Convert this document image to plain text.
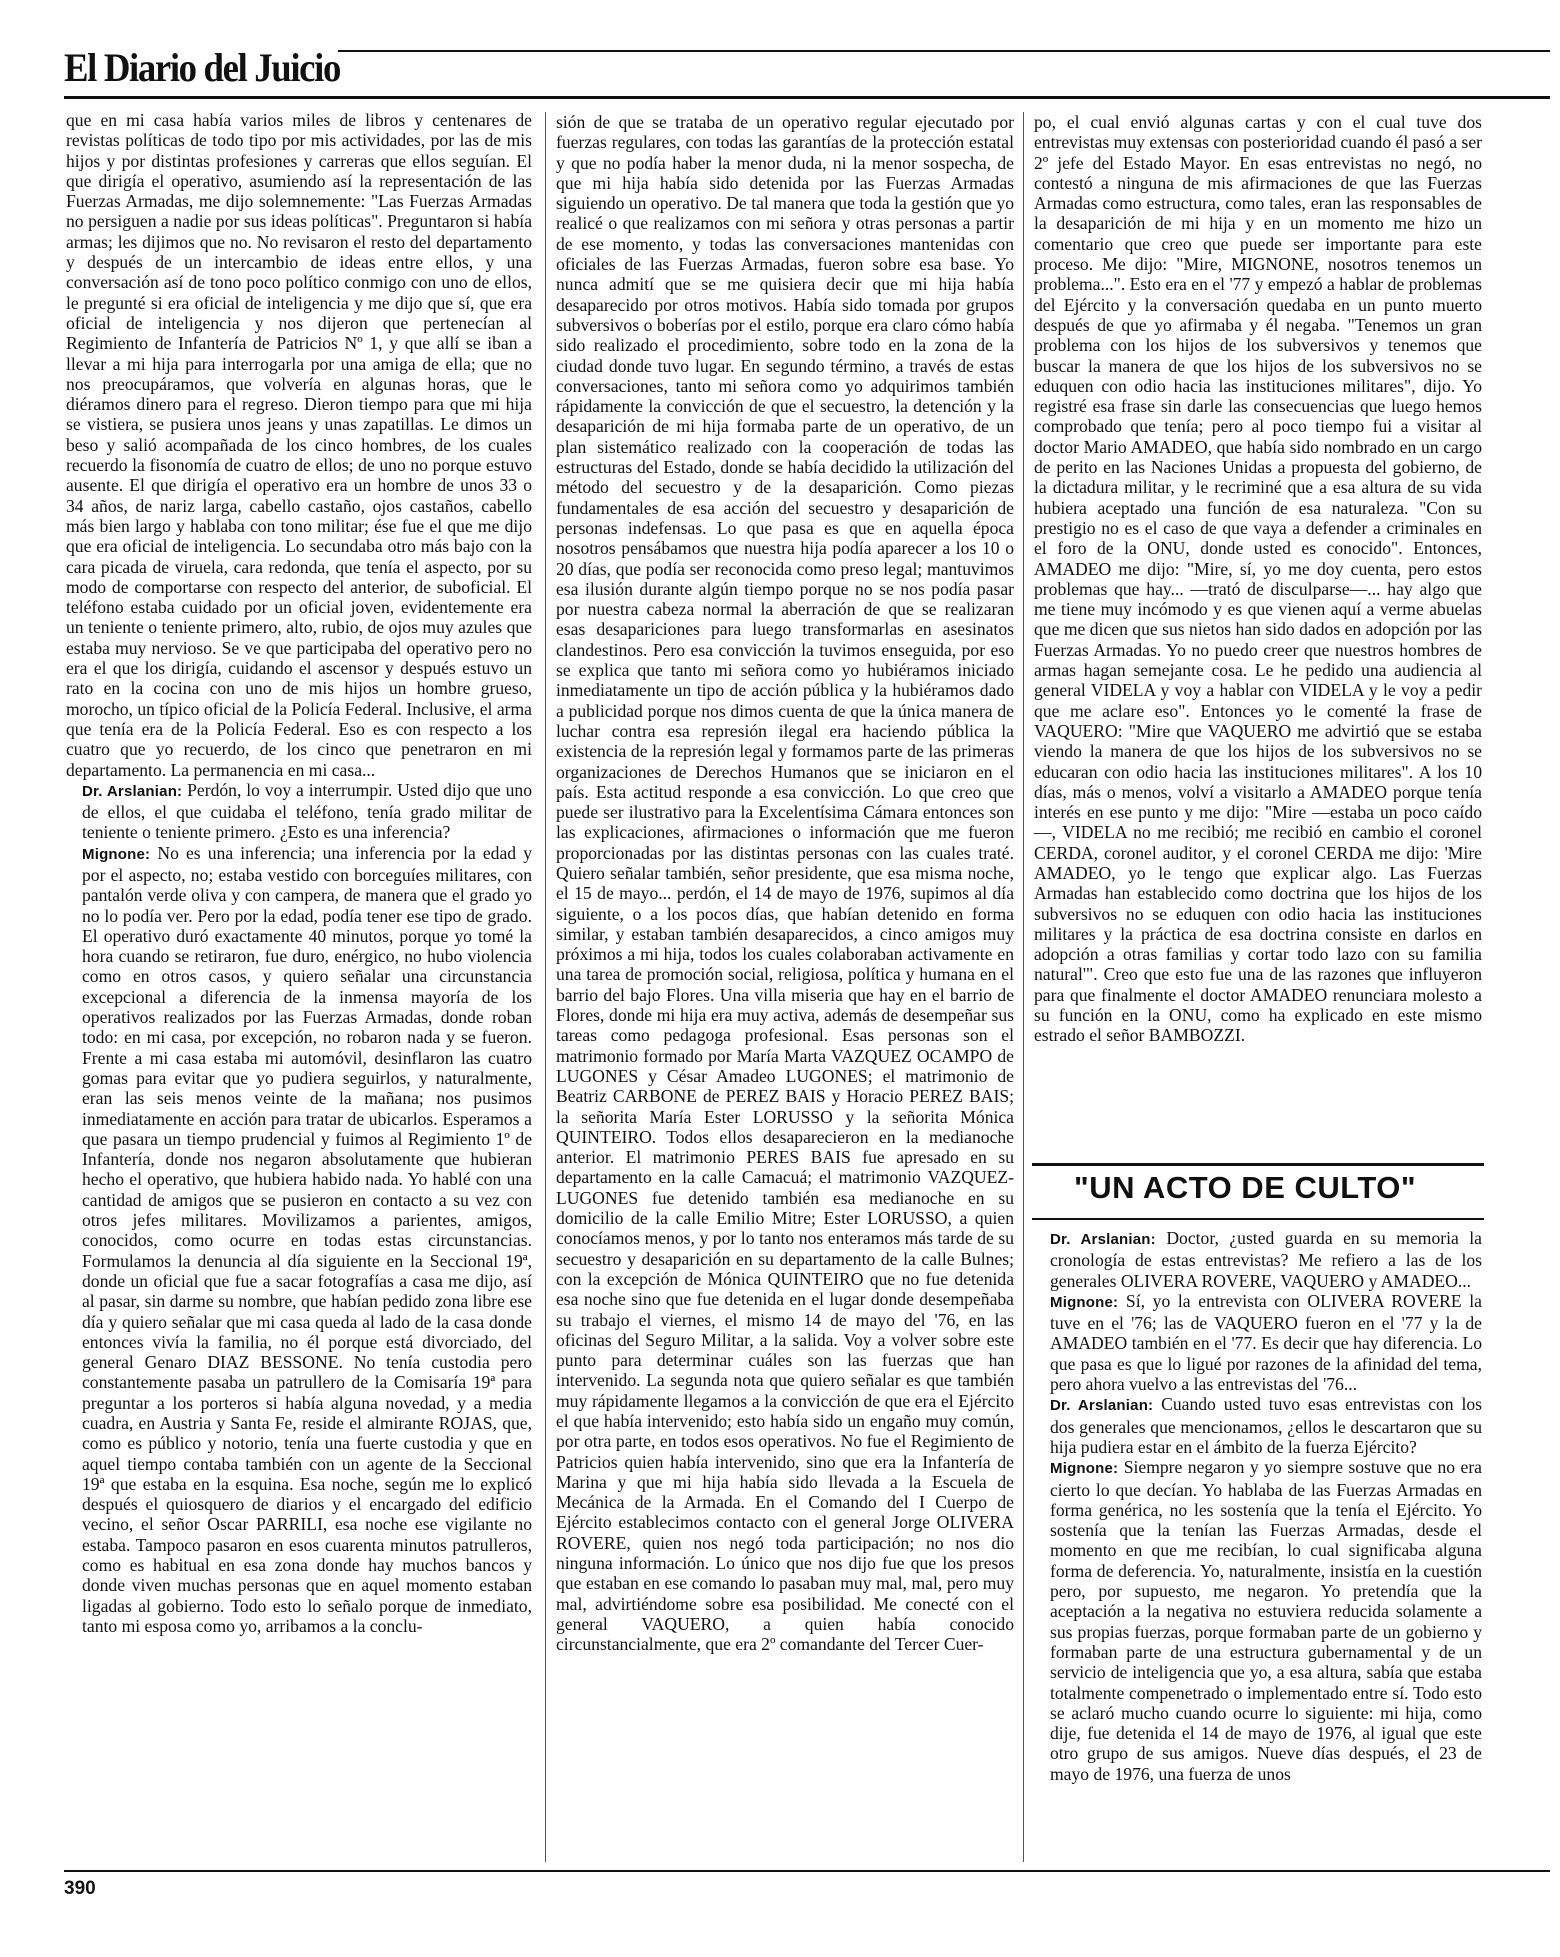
El Diario del Juicio

que en mi casa había varios miles de libros y centenares de revistas políticas de todo tipo por mis actividades, por las de mis hijos y por distintas profesiones y carreras que ellos seguían. El que dirigía el operativo, asumiendo así la representación de las Fuerzas Armadas, me dijo solemnemente: "Las Fuerzas Armadas no persiguen a nadie por sus ideas políticas". Preguntaron si había armas; les dijimos que no. No revisaron el resto del departamento y después de un intercambio de ideas entre ellos, y una conversación así de tono poco político conmigo con uno de ellos, le pregunté si era oficial de inteligencia y me dijo que sí, que era oficial de inteligencia y nos dijeron que pertenecían al Regimiento de Infantería de Patricios Nº 1, y que allí se iban a llevar a mi hija para interrogarla por una amiga de ella; que no nos preocupáramos, que volvería en algunas horas, que le diéramos dinero para el regreso. Dieron tiempo para que mi hija se vistiera, se pusiera unos jeans y unas zapatillas. Le dimos un beso y salió acompañada de los cinco hombres, de los cuales recuerdo la fisonomía de cuatro de ellos; de uno no porque estuvo ausente. El que dirigía el operativo era un hombre de unos 33 o 34 años, de nariz larga, cabello castaño, ojos castaños, cabello más bien largo y hablaba con tono militar; ése fue el que me dijo que era oficial de inteligencia. Lo secundaba otro más bajo con la cara picada de viruela, cara redonda, que tenía el aspecto, por su modo de comportarse con respecto del anterior, de suboficial. El teléfono estaba cuidado por un oficial joven, evidentemente era un teniente o teniente primero, alto, rubio, de ojos muy azules que estaba muy nervioso. Se ve que participaba del operativo pero no era el que los dirigía, cuidando el ascensor y después estuvo un rato en la cocina con uno de mis hijos un hombre grueso, morocho, un típico oficial de la Policía Federal. Inclusive, el arma que tenía era de la Policía Federal. Eso es con respecto a los cuatro que yo recuerdo, de los cinco que penetraron en mi departamento. La permanencia en mi casa...

Dr. Arslanian: Perdón, lo voy a interrumpir. Usted dijo que uno de ellos, el que cuidaba el teléfono, tenía grado militar de teniente o teniente primero. ¿Esto es una inferencia?

Mignone: No es una inferencia; una inferencia por la edad y por el aspecto, no; estaba vestido con borceguíes militares, con pantalón verde oliva y con campera, de manera que el grado yo no lo podía ver. Pero por la edad, podía tener ese tipo de grado. El operativo duró exactamente 40 minutos, porque yo tomé la hora cuando se retiraron, fue duro, enérgico, no hubo violencia como en otros casos, y quiero señalar una circunstancia excepcional a diferencia de la inmensa mayoría de los operativos realizados por las Fuerzas Armadas, donde roban todo: en mi casa, por excepción, no robaron nada y se fueron. Frente a mi casa estaba mi automóvil, desinflaron las cuatro gomas para evitar que yo pudiera seguirlos, y naturalmente, eran las seis menos veinte de la mañana; nos pusimos inmediatamente en acción para tratar de ubicarlos. Esperamos a que pasara un tiempo prudencial y fuimos al Regimiento 1º de Infantería, donde nos negaron absolutamente que hubieran hecho el operativo, que hubiera habido nada. Yo hablé con una cantidad de amigos que se pusieron en contacto a su vez con otros jefes militares. Movilizamos a parientes, amigos, conocidos, como ocurre en todas estas circunstancias. Formulamos la denuncia al día siguiente en la Seccional 19ª, donde un oficial que fue a sacar fotografías a casa me dijo, así al pasar, sin darme su nombre, que habían pedido zona libre ese día y quiero señalar que mi casa queda al lado de la casa donde entonces vivía la familia, no él porque está divorciado, del general Genaro DIAZ BESSONE. No tenía custodia pero constantemente pasaba un patrullero de la Comisaría 19ª para preguntar a los porteros si había alguna novedad, y a media cuadra, en Austria y Santa Fe, reside el almirante ROJAS, que, como es público y notorio, tenía una fuerte custodia y que en aquel tiempo contaba también con un agente de la Seccional 19ª que estaba en la esquina. Esa noche, según me lo explicó después el quiosquero de diarios y el encargado del edificio vecino, el señor Oscar PARRILI, esa noche ese vigilante no estaba. Tampoco pasaron en esos cuarenta minutos patrulleros, como es habitual en esa zona donde hay muchos bancos y donde viven muchas personas que en aquel momento estaban ligadas al gobierno. Todo esto lo señalo porque de inmediato, tanto mi esposa como yo, arribamos a la conclu-

sión de que se trataba de un operativo regular ejecutado por fuerzas regulares, con todas las garantías de la protección estatal y que no podía haber la menor duda, ni la menor sospecha, de que mi hija había sido detenida por las Fuerzas Armadas siguiendo un operativo. De tal manera que toda la gestión que yo realicé o que realizamos con mi señora y otras personas a partir de ese momento, y todas las conversaciones mantenidas con oficiales de las Fuerzas Armadas, fueron sobre esa base. Yo nunca admití que se me quisiera decir que mi hija había desaparecido por otros motivos. Había sido tomada por grupos subversivos o boberías por el estilo, porque era claro cómo había sido realizado el procedimiento, sobre todo en la zona de la ciudad donde tuvo lugar. En segundo término, a través de estas conversaciones, tanto mi señora como yo adquirimos también rápidamente la convicción de que el secuestro, la detención y la desaparición de mi hija formaba parte de un operativo, de un plan sistemático realizado con la cooperación de todas las estructuras del Estado, donde se había decidido la utilización del método del secuestro y de la desaparición. Como piezas fundamentales de esa acción del secuestro y desaparición de personas indefensas. Lo que pasa es que en aquella época nosotros pensábamos que nuestra hija podía aparecer a los 10 o 20 días, que podía ser reconocida como preso legal; mantuvimos esa ilusión durante algún tiempo porque no se nos podía pasar por nuestra cabeza normal la aberración de que se realizaran esas desapariciones para luego transformarlas en asesinatos clandestinos. Pero esa convicción la tuvimos enseguida, por eso se explica que tanto mi señora como yo hubiéramos iniciado inmediatamente un tipo de acción pública y la hubiéramos dado a publicidad porque nos dimos cuenta de que la única manera de luchar contra esa represión ilegal era haciendo pública la existencia de la represión legal y formamos parte de las primeras organizaciones de Derechos Humanos que se iniciaron en el país. Esta actitud responde a esa convicción. Lo que creo que puede ser ilustrativo para la Excelentísima Cámara entonces son las explicaciones, afirmaciones o información que me fueron proporcionadas por las distintas personas con las cuales traté. Quiero señalar también, señor presidente, que esa misma noche, el 15 de mayo... perdón, el 14 de mayo de 1976, supimos al día siguiente, o a los pocos días, que habían detenido en forma similar, y estaban también desaparecidos, a cinco amigos muy próximos a mi hija, todos los cuales colaboraban activamente en una tarea de promoción social, religiosa, política y humana en el barrio del bajo Flores. Una villa miseria que hay en el barrio de Flores, donde mi hija era muy activa, además de desempeñar sus tareas como pedagoga profesional. Esas personas son el matrimonio formado por María Marta VAZQUEZ OCAMPO de LUGONES y César Amadeo LUGONES; el matrimonio de Beatriz CARBONE de PEREZ BAIS y Horacio PEREZ BAIS; la señorita María Ester LORUSSO y la señorita Mónica QUINTEIRO. Todos ellos desaparecieron en la medianoche anterior. El matrimonio PERES BAIS fue apresado en su departamento en la calle Camacuá; el matrimonio VAZQUEZ-LUGONES fue detenido también esa medianoche en su domicilio de la calle Emilio Mitre; Ester LORUSSO, a quien conocíamos menos, y por lo tanto nos enteramos más tarde de su secuestro y desaparición en su departamento de la calle Bulnes; con la excepción de Mónica QUINTEIRO que no fue detenida esa noche sino que fue detenida en el lugar donde desempeñaba su trabajo el viernes, el mismo 14 de mayo del '76, en las oficinas del Seguro Militar, a la salida. Voy a volver sobre este punto para determinar cuáles son las fuerzas que han intervenido. La segunda nota que quiero señalar es que también muy rápidamente llegamos a la convicción de que era el Ejército el que había intervenido; esto había sido un engaño muy común, por otra parte, en todos esos operativos. No fue el Regimiento de Patricios quien había intervenido, sino que era la Infantería de Marina y que mi hija había sido llevada a la Escuela de Mecánica de la Armada. En el Comando del I Cuerpo de Ejército establecimos contacto con el general Jorge OLIVERA ROVERE, quien nos negó toda participación; no nos dio ninguna información. Lo único que nos dijo fue que los presos que estaban en ese comando lo pasaban muy mal, mal, pero muy mal, advirtiéndome sobre esa posibilidad. Me conecté con el general VAQUERO, a quien había conocido circunstancialmente, que era 2º comandante del Tercer Cuer-

po, el cual envió algunas cartas y con el cual tuve dos entrevistas muy extensas con posterioridad cuando él pasó a ser 2º jefe del Estado Mayor. En esas entrevistas no negó, no contestó a ninguna de mis afirmaciones de que las Fuerzas Armadas como estructura, como tales, eran las responsables de la desaparición de mi hija y en un momento me hizo un comentario que creo que puede ser importante para este proceso. Me dijo: "Mire, MIGNONE, nosotros tenemos un problema...". Esto era en el '77 y empezó a hablar de problemas del Ejército y la conversación quedaba en un punto muerto después de que yo afirmaba y él negaba. "Tenemos un gran problema con los hijos de los subversivos y tenemos que buscar la manera de que los hijos de los subversivos no se eduquen con odio hacia las instituciones militares", dijo. Yo registré esa frase sin darle las consecuencias que luego hemos comprobado que tenía; pero al poco tiempo fui a visitar al doctor Mario AMADEO, que había sido nombrado en un cargo de perito en las Naciones Unidas a propuesta del gobierno, de la dictadura militar, y le recriminé que a esa altura de su vida hubiera aceptado una función de esa naturaleza. "Con su prestigio no es el caso de que vaya a defender a criminales en el foro de la ONU, donde usted es conocido". Entonces, AMADEO me dijo: "Mire, sí, yo me doy cuenta, pero estos problemas que hay... —trató de disculparse—... hay algo que me tiene muy incómodo y es que vienen aquí a verme abuelas que me dicen que sus nietos han sido dados en adopción por las Fuerzas Armadas. Yo no puedo creer que nuestros hombres de armas hagan semejante cosa. Le he pedido una audiencia al general VIDELA y voy a hablar con VIDELA y le voy a pedir que me aclare eso". Entonces yo le comenté la frase de VAQUERO: "Mire que VAQUERO me advirtió que se estaba viendo la manera de que los hijos de los subversivos no se educaran con odio hacia las instituciones militares". A los 10 días, más o menos, volví a visitarlo a AMADEO porque tenía interés en ese punto y me dijo: "Mire —estaba un poco caído—, VIDELA no me recibió; me recibió en cambio el coronel CERDA, coronel auditor, y el coronel CERDA me dijo: 'Mire AMADEO, yo le tengo que explicar algo. Las Fuerzas Armadas han establecido como doctrina que los hijos de los subversivos no se eduquen con odio hacia las instituciones militares y la práctica de esa doctrina consiste en darlos en adopción a otras familias y cortar todo lazo con su familia natural'". Creo que esto fue una de las razones que influyeron para que finalmente el doctor AMADEO renunciara molesto a su función en la ONU, como ha explicado en este mismo estrado el señor BAMBOZZI.

"UN ACTO DE CULTO"

Dr. Arslanian: Doctor, ¿usted guarda en su memoria la cronología de estas entrevistas? Me refiero a las de los generales OLIVERA ROVERE, VAQUERO y AMADEO...

Mignone: Sí, yo la entrevista con OLIVERA ROVERE la tuve en el '76; las de VAQUERO fueron en el '77 y la de AMADEO también en el '77. Es decir que hay diferencia. Lo que pasa es que lo ligué por razones de la afinidad del tema, pero ahora vuelvo a las entrevistas del '76...

Dr. Arslanian: Cuando usted tuvo esas entrevistas con los dos generales que mencionamos, ¿ellos le descartaron que su hija pudiera estar en el ámbito de la fuerza Ejército?

Mignone: Siempre negaron y yo siempre sostuve que no era cierto lo que decían. Yo hablaba de las Fuerzas Armadas en forma genérica, no les sostenía que la tenía el Ejército. Yo sostenía que la tenían las Fuerzas Armadas, desde el momento en que me recibían, lo cual significaba alguna forma de deferencia. Yo, naturalmente, insistía en la cuestión pero, por supuesto, me negaron. Yo pretendía que la aceptación a la negativa no estuviera reducida solamente a sus propias fuerzas, porque formaban parte de un gobierno y formaban parte de una estructura gubernamental y de un servicio de inteligencia que yo, a esa altura, sabía que estaba totalmente compenetrado o implementado entre sí. Todo esto se aclaró mucho cuando ocurre lo siguiente: mi hija, como dije, fue detenida el 14 de mayo de 1976, al igual que este otro grupo de sus amigos. Nueve días después, el 23 de mayo de 1976, una fuerza de unos

390
